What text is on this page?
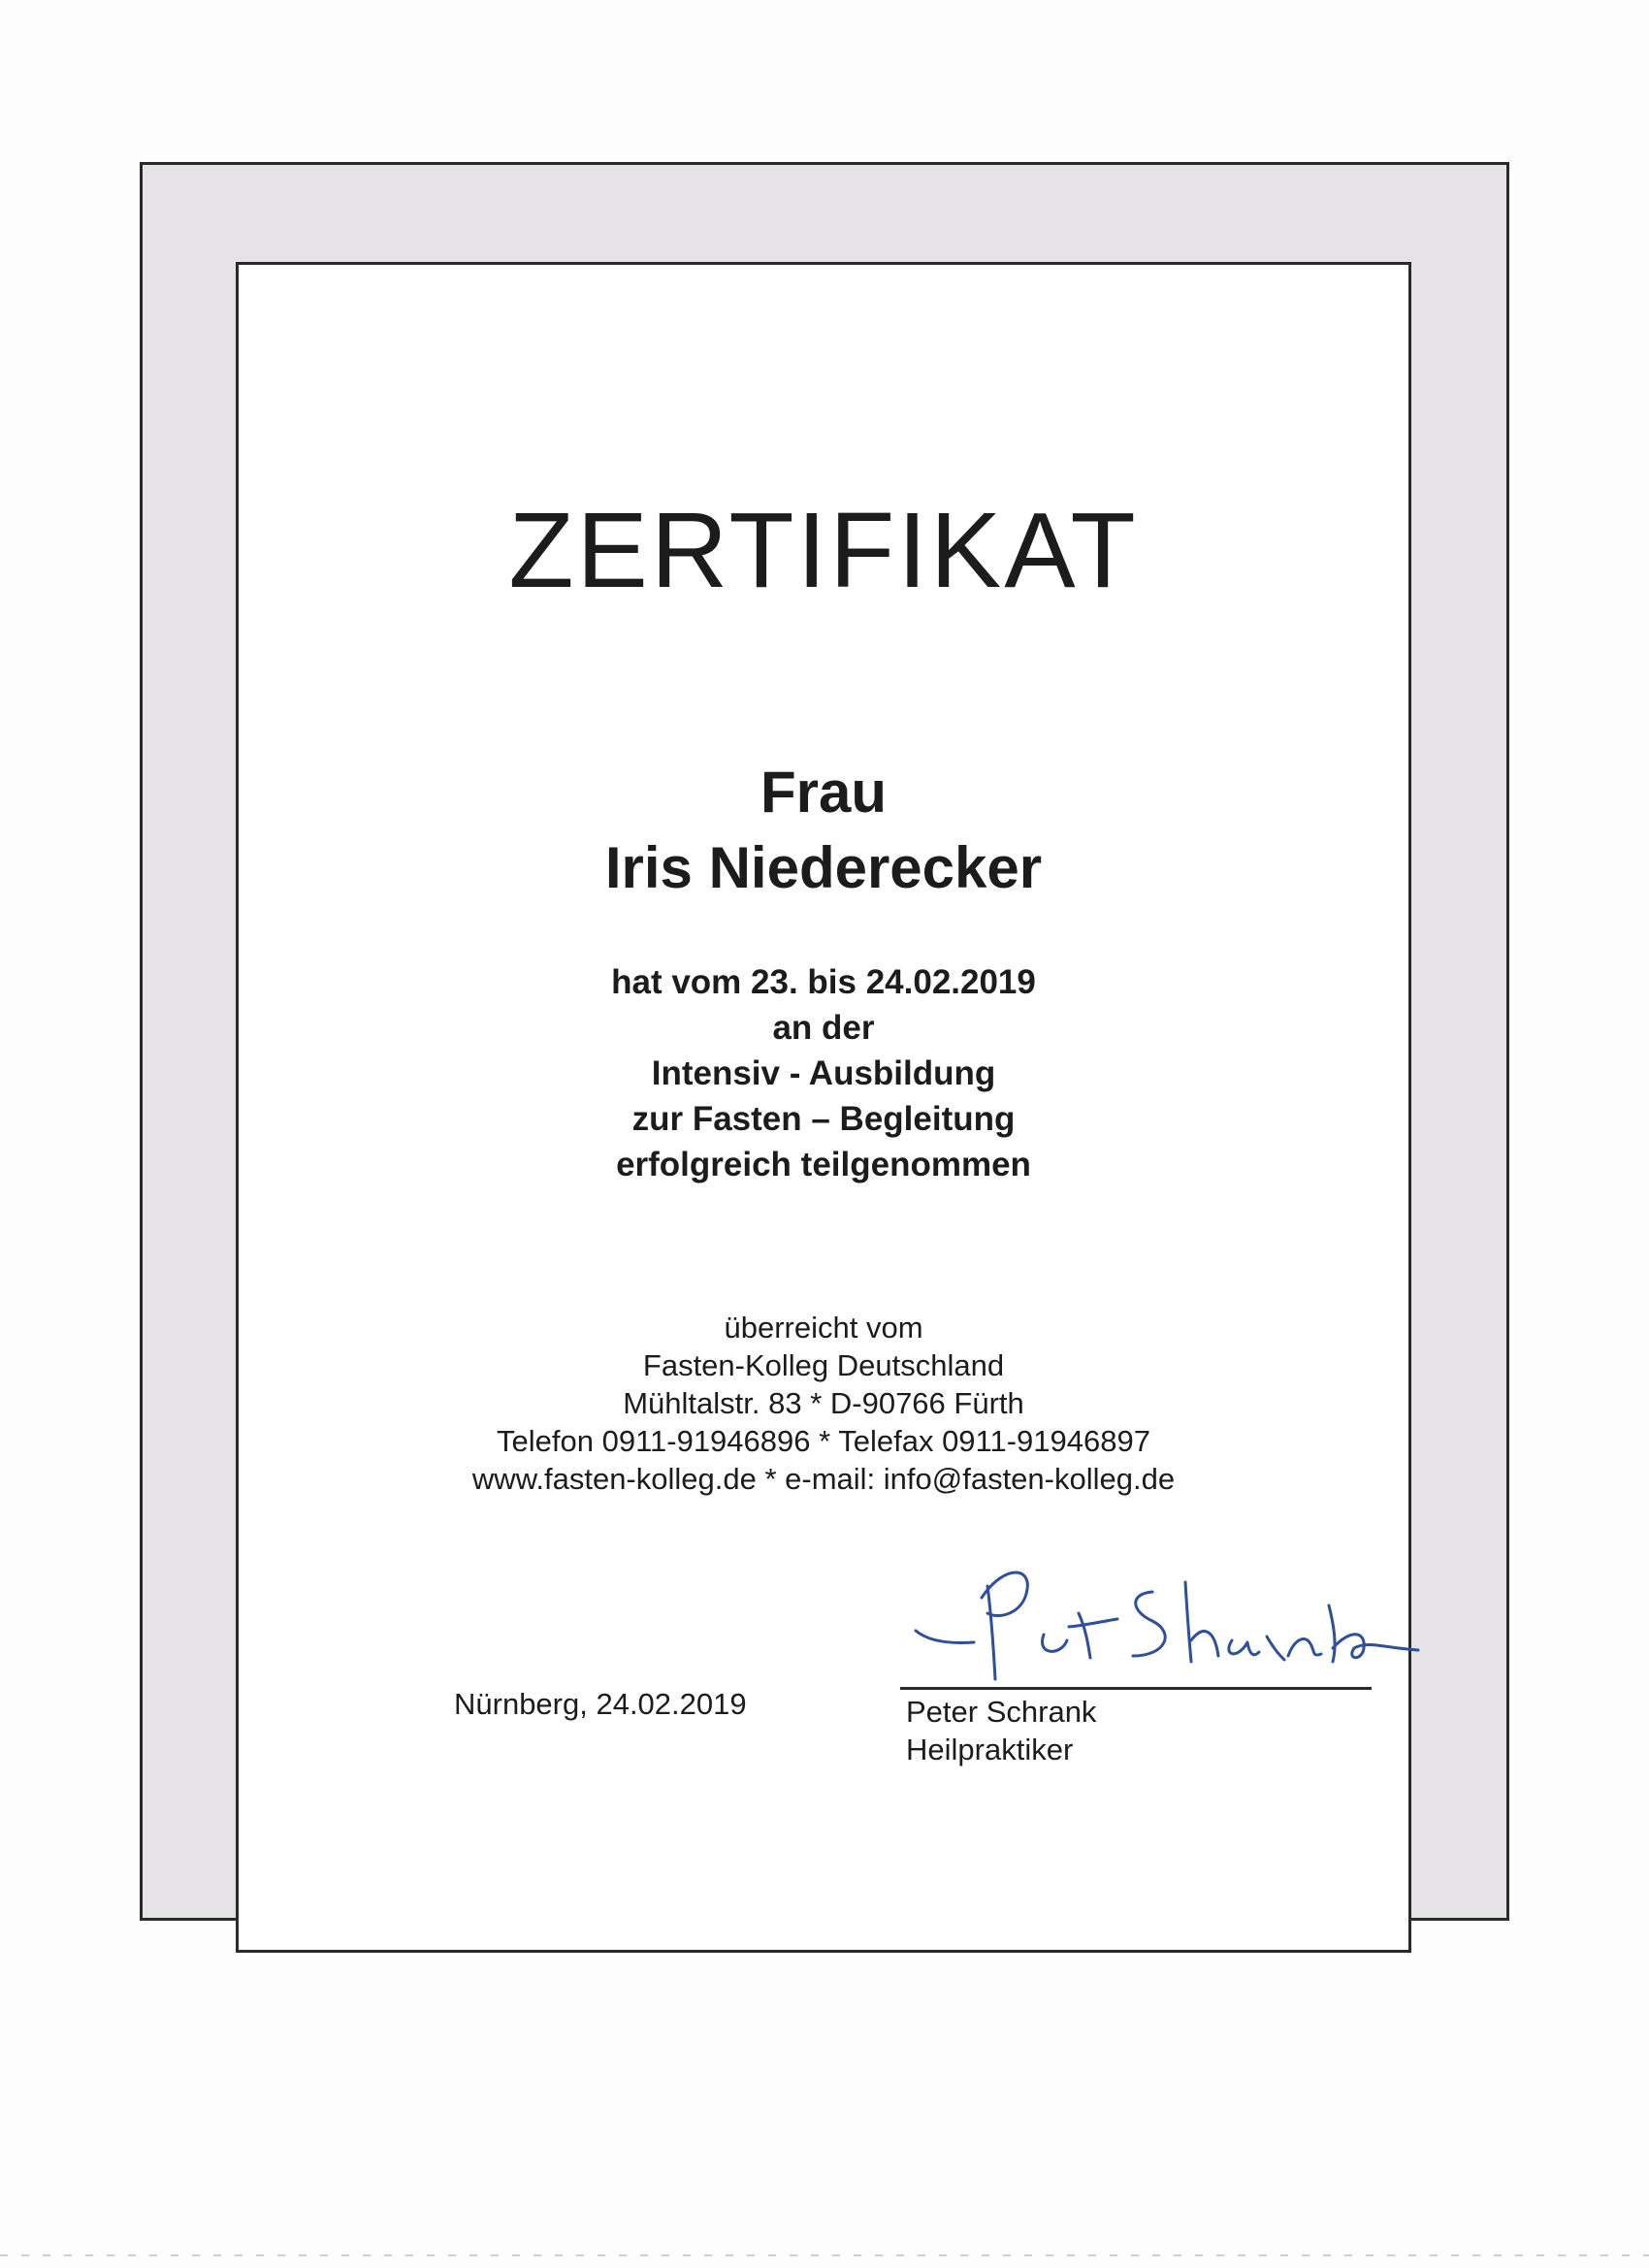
ZERTIFIKAT
Frau
Iris Niederecker
hat vom 23. bis 24.02.2019
an der
Intensiv - Ausbildung
zur Fasten – Begleitung
erfolgreich teilgenommen
überreicht vom
Fasten-Kolleg Deutschland
Mühltalstr. 83 * D-90766 Fürth
Telefon 0911-91946896 * Telefax 0911-91946897
www.fasten-kolleg.de * e-mail: info@fasten-kolleg.de
Nürnberg, 24.02.2019
Peter Schrank
Peter Schrank
Heilpraktiker
